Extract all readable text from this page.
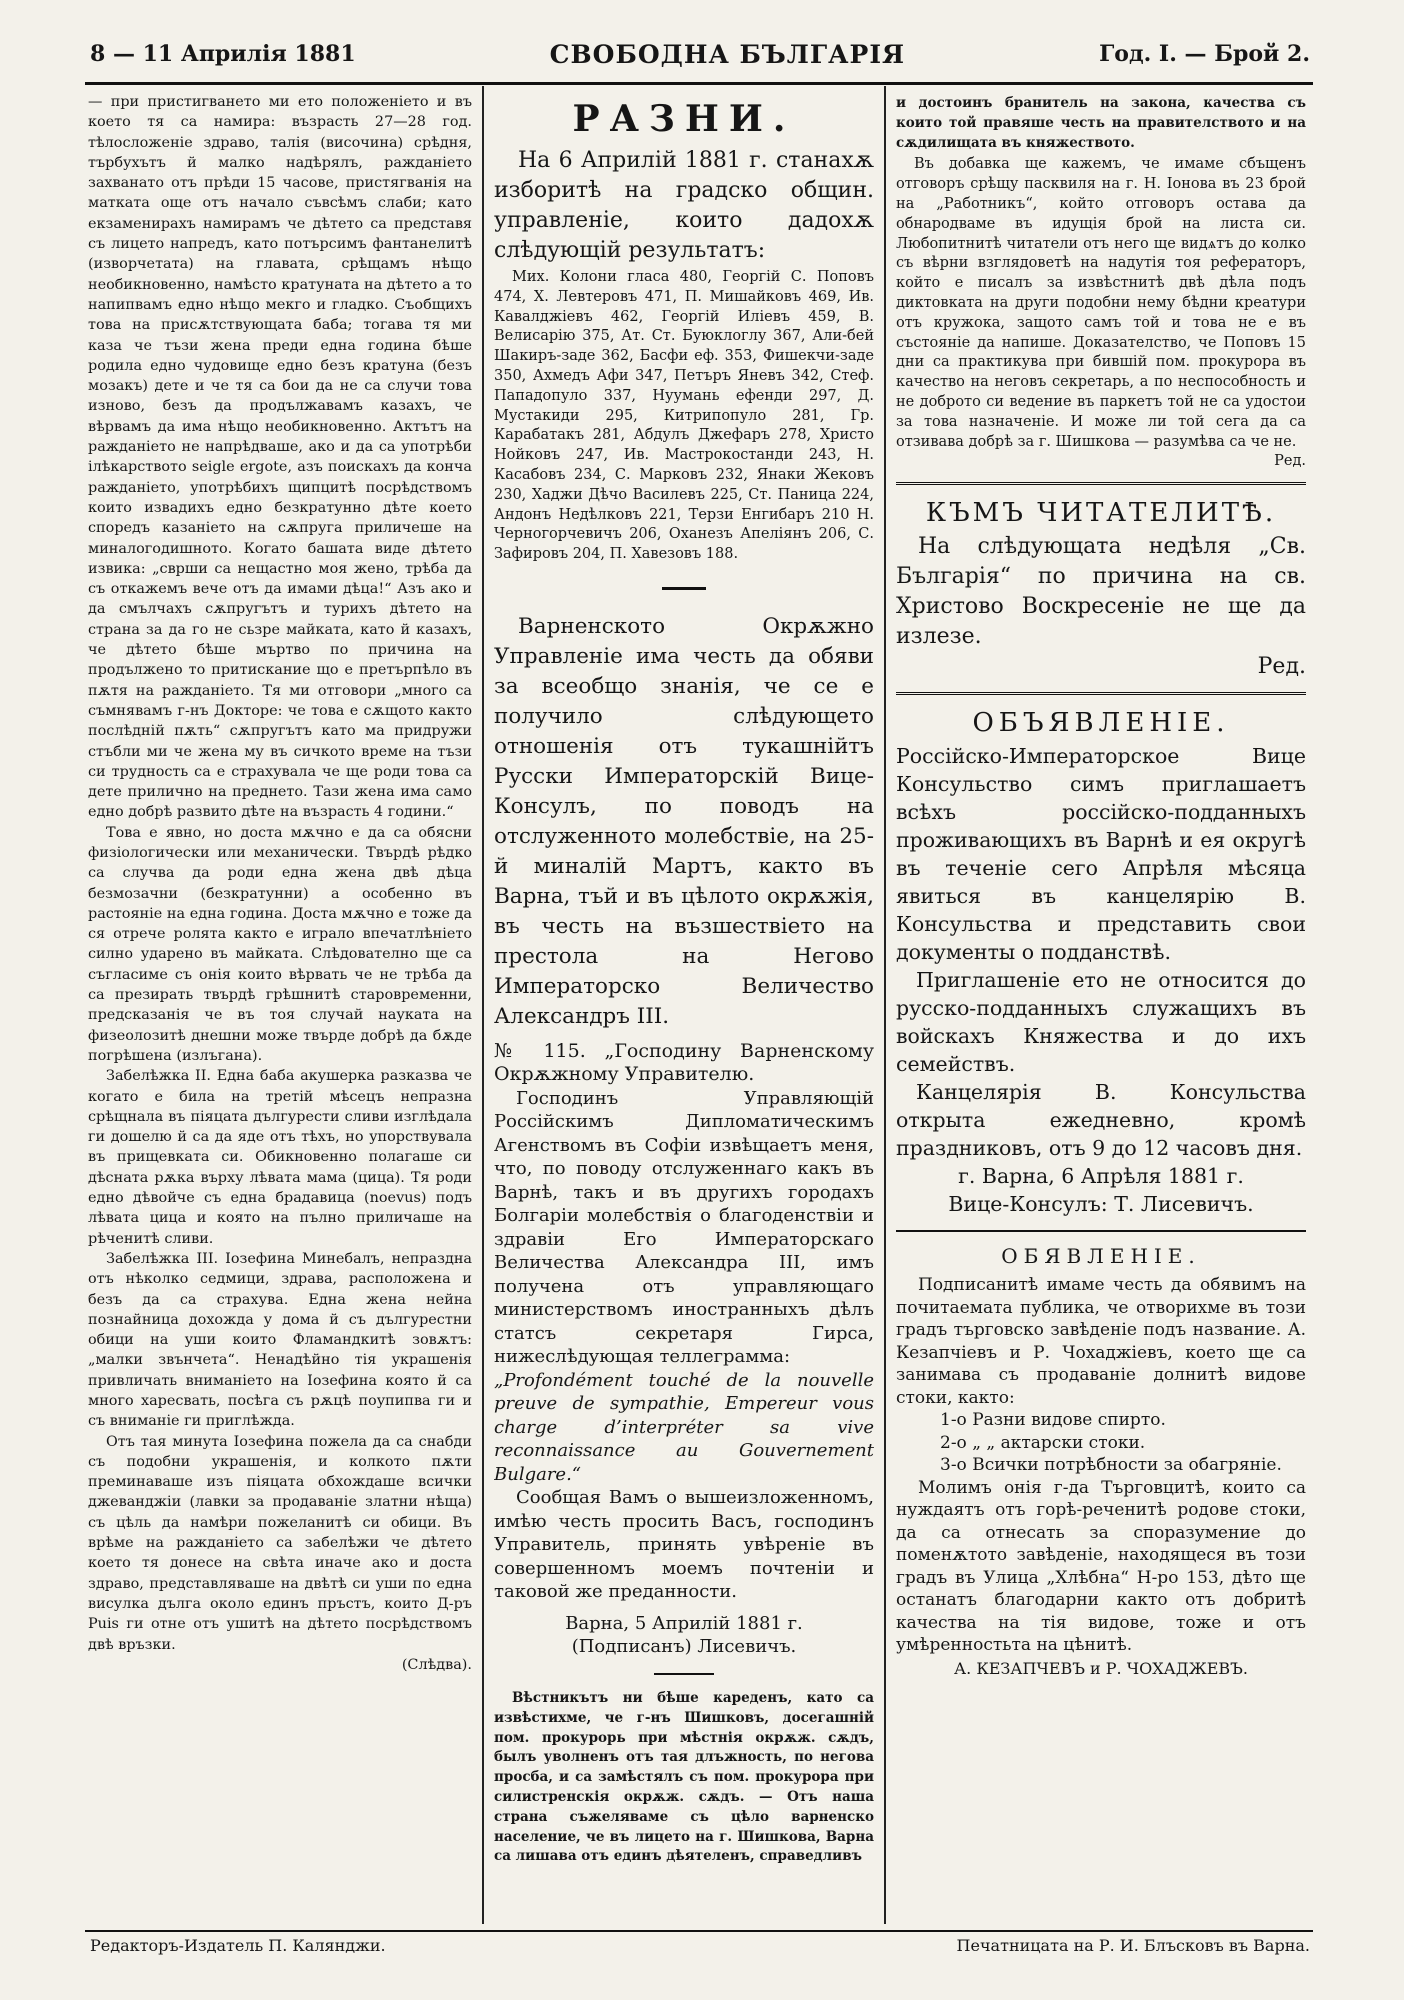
8 — 11 Априлія 1881	СВОБОДНА БЪЛГАРІЯ	Год. I. — Брой 2.

— при пристигването ми ето положеніето и въ което тя са намира: възрасть 27—28 год. тѣлосложеніе здраво, талія (височина) срѣдня, търбухътъ й малко надѣрялъ, ражданіето захванато отъ прѣди 15 часове, пристягванія на матката още отъ начало съвсѣмъ слаби; като екзаменирахъ намирамъ че дѣтето са представя съ лицето напредъ, като потърсимъ фантанелитѣ (изворчетата) на главата, срѣщамъ нѣщо необикновенно, намѣсто кратуната на дѣтето а то напипвамъ едно нѣщо мекго и гладко. Съобщихъ това на присѫтствующата баба; тогава тя ми каза че тъзи жена преди една година бѣше родила едно чудовище едно безъ кратуна (безъ мозакъ) дете и че тя са бои да не са случи това изново, безъ да продължавамъ казахъ, че вѣрвамъ да има нѣщо необикновенно. Актътъ на ражданіето не напрѣдваше, ако и да са употрѣби ілѣкарството seigle ergote, азъ поискахъ да конча ражданіето, употрѣбихъ щипцитѣ посрѣдствомъ които извадихъ едно безкратунно дѣте което споредъ казаніето на сѫпруга приличеше на миналогодишното. Когато башата виде дѣтето извика: „сврши са нещастно моя жено, трѣба да съ откажемъ вече отъ да имами дѣца!“ Азъ ако и да смълчахъ сѫпругътъ и турихъ дѣтето на страна за да го не сьзре майката, като й казахъ, че дѣтето бѣше мъртво по причина на продължено то притискание що е претърпѣло въ пѫтя на ражданіето. Тя ми отговори „много са съмнявамъ г-нъ Докторе: че това е сѫщото както послѣдній пѫть“ сѫпругътъ като ма придружи стъбли ми че жена му въ сичкото време на тъзи си трудность са е страхувала че ще роди това са дете прилично на преднето. Тази жена има само едно добрѣ развито дѣте на възрасть 4 години.“

Това е явно, но доста мѫчно е да са обясни физіологически или механически. Твърдѣ рѣдко са случва да роди една жена двѣ дѣца безмозачни (безкратунни) а особенно въ растояніе на една година. Доста мѫчно е тоже да ся отрече ролята както е играло впечатлѣніето силно ударено въ майката. Слѣдователно ще са съгласиме съ онія които вѣрвать че не трѣба да са презирать твърдѣ грѣшнитѣ старовременни, предсказанія че въ тоя случай науката на физеолозитѣ днешни може твърде добрѣ да бѫде погрѣшена (излъгана).

Забелѣжка II. Една баба акушерка разказва че когато е била на третій мѣсецъ непразна срѣщнала въ піяцата дългурести сливи изглѣдала ги дошелю й са да яде отъ тѣхъ, но упорствувала въ прищевката си. Обикновенно полагаше си дѣсната рѫка върху лѣвата мама (цица). Тя роди едно дѣвойче съ една брадавица (noevus) подъ лѣвата цица и която на пълно приличаше на рѣченитѣ сливи.

Забелѣжка III. Іозефина Минебалъ, непраздна отъ нѣколко седмици, здрава, расположена и безъ да са страхува. Една жена нейна познайница дохожда у дома й съ дългурестни обици на уши които Фламандкитѣ зовѫтъ: „малки звънчета“. Ненадѣйно тія украшенія привличать вниманіето на Іозефина която й са много харесвать, посѣга съ рѫцѣ поупипва ги и съ вниманіе ги приглѣжда.

Отъ тая минута Іозефина пожела да са снабди съ подобни украшенія, и колкото пѫти преминаваше изъ піяцата обхождаше всички джеванджіи (лавки за продаваніе златни нѣща) съ цѣль да намѣри пожеланитѣ си обици. Въ врѣме на ражданіето са забелѣжи че дѣтето което тя донесе на свѣта иначе ако и доста здраво, представляваше на двѣтѣ си уши по една висулка дълга около единъ пръстъ, които Д-ръ Puis ги отне отъ ушитѣ на дѣтето посрѣдствомъ двѣ връзки.

(Слѣдва).

РАЗНИ.

На 6 Априлій 1881 г. станахѫ изборитѣ на градско общин. управленіе, които дадохѫ слѣдующій результатъ:

Мих. Колони гласа 480, Георгій С. Поповъ 474, Х. Левтеровъ 471, П. Мишайковъ 469, Ив. Кавалджіевъ 462, Георгій Иліевъ 459, В. Велисарію 375, Ат. Ст. Буюклоглу 367, Али-бей Шакиръ-заде 362, Басфи еф. 353, Фишекчи-заде 350, Ахмедъ Афи 347, Петъръ Яневъ 342, Стеф. Пападопуло 337, Нуумань ефенди 297, Д. Мустакиди 295, Китрипопуло 281, Гр. Карабатакъ 281, Абдулъ Джефаръ 278, Христо Нойковъ 247, Ив. Мастрокостанди 243, Н. Касабовъ 234, С. Марковъ 232, Янаки Жековъ 230, Хаджи Дѣчо Василевъ 225, Ст. Паница 224, Андонъ Недѣлковъ 221, Терзи Енгибаръ 210 Н. Черногорчевичъ 206, Оханезъ Апеліянъ 206, С. Зафировъ 204, П. Хавезовъ 188.

Варненското Окрѫжно Управленіе има честь да обяви за всеобщо знанія, че се е получило слѣдующето отношенія отъ тукашнійтъ Русски Императорскій Вице-Консулъ, по поводъ на отслуженното молебствіе, на 25-й миналій Мартъ, както въ Варна, тъй и въ цѣлото окрѫжія, въ честь на възшествіето на престола на Негово Императорско Величество Александръ III.

№ 115. „Господину Варненскому Окрѫжному Управителю.

Господинъ Управляющій Россійскимъ Дипломатическимъ Агенствомъ въ Софіи извѣщаетъ меня, что, по поводу отслуженнаго какъ въ Варнѣ, такъ и въ другихъ городахъ Болгаріи молебствія о благоденствіи и здравіи Его Императорскаго Величества Александра III, имъ получена отъ управляющаго министерствомъ иностранныхъ дѣлъ статсъ секретаря Гирса, нижеслѣдующая теллеграмма:

„Profondément touché de la nouvelle preuve de sympathie, Empereur vous charge d’interpréter sa vive reconnaissance au Gouvernement Bulgare.“

Сообщая Вамъ о вышеизложенномъ, имѣю честь просить Васъ, господинъ Управитель, принять увѣреніе въ совершенномъ моемъ почтеніи и таковой же преданности.

Варна, 5 Априлій 1881 г.

(Подписанъ) Лисевичъ.

Вѣстникътъ ни бѣше кареденъ, като са извѣстихме, че г-нъ Шишковъ, досегашній пом. прокурорь при мѣстнія окрѫж. сѫдъ, былъ уволненъ отъ тая длъжность, по негова просба, и са замѣстялъ съ пом. прокурора при силистренскія окрѫж. сѫдъ. — Отъ наша страна съжеляваме съ цѣло варненско население, че въ лицето на г. Шишкова, Варна са лишава отъ единъ дѣятеленъ, справедливъ

и достоинъ бранитель на закона, качества съ които той правяше честь на правителството и на сѫдилищата въ княжеството.

Въ добавка ще кажемъ, че имаме сбъщенъ отговоръ срѣщу пасквиля на г. Н. Іонова въ 23 брой на „Работникъ“, който отговоръ остава да обнародваме въ идущія брой на листа си. Любопитнитѣ читатели отъ него ще видѧтъ до колко съ вѣрни взглядоветѣ на надутія тоя рефераторъ, който е писалъ за извѣстнитѣ двѣ дѣла подъ диктовката на други подобни нему бѣдни креатури отъ кружока, защото самъ той и това не е въ състояніе да напише. Доказателство, че Поповъ 15 дни са практикува при бившій пом. прокурора въ качество на неговъ секретарь, а по неспособность и не доброто си ведение въ паркетъ той не са удостои за това назначеніе. И може ли той сега да са отзивава добрѣ за г. Шишкова — разумѣва са че не.

Ред.

КЪМЪ ЧИТАТЕЛИТѢ.

На слѣдующата недѣля „Св. Българія“ по причина на св. Христово Воскресеніе не ще да излезе.

Ред.

ОБЪЯВЛЕНІЕ.

Россійско-Императорское Вице Консульство симъ приглашаетъ всѣхъ россійско-подданныхъ проживающихъ въ Варнѣ и ея округѣ въ теченіе сего Апрѣля мѣсяца явиться въ канцелярію В. Консульства и представить свои документы о подданствѣ.

Приглашеніе ето не относится до русско-подданныхъ служащихъ въ войскахъ Княжества и до ихъ семействъ.

Канцелярія В. Консульства открыта ежедневно, кромѣ праздниковъ, отъ 9 до 12 часовъ дня.

г. Варна, 6 Апрѣля 1881 г.

Вице-Консулъ: Т. Лисевичъ.

ОБЯВЛЕНІЕ.

Подписанитѣ имаме честь да обявимъ на почитаемата публика, че отворихме въ този градъ търговско завѣденіе подъ название. А. Кезапчіевъ и Р. Чохаджіевъ, което ще са занимава съ продаваніе долнитѣ видове стоки, както:

1-о Разни видове спирто.

2-о „ „ актарски стоки.

3-о Всички потрѣбности за обагряніе.

Молимъ онія г-да Търговцитѣ, които са нуждаятъ отъ горѣ-реченитѣ родове стоки, да са отнесать за споразумение до поменѫтото завѣденіе, находящеся въ този градъ въ Улица „Хлѣбна“ Н-ро 153, дѣто ще останатъ благодарни както отъ добритѣ качества на тія видове, тоже и отъ умѣренностьта на цѣнитѣ.

А. КЕЗАПЧЕВЪ и Р. ЧОХАДЖЕВЪ.

Редакторъ-Издатель П. Калянджи.	Печатницата на Р. И. Блъсковъ въ Варна.
